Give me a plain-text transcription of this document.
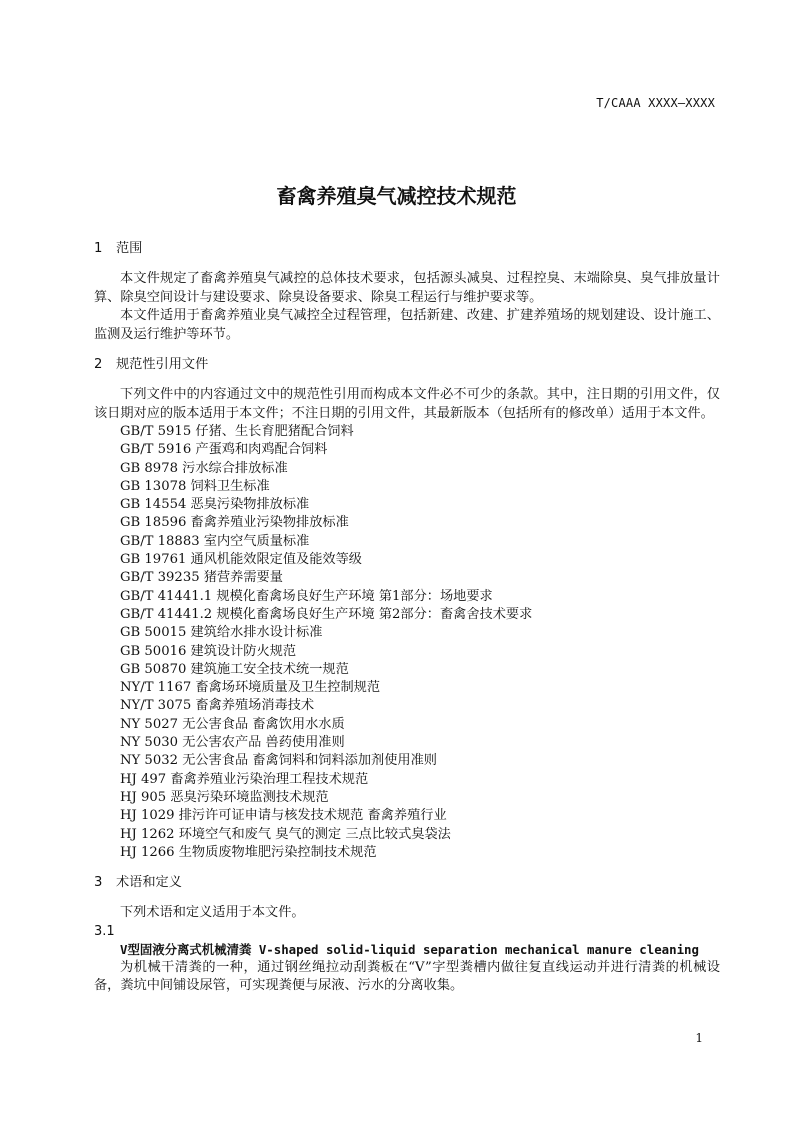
T/CAAA XXXX—XXXX
畜禽养殖臭气减控技术规范
1 范围

本文件规定了畜禽养殖臭气减控的总体技术要求，包括源头减臭、过程控臭、末端除臭、臭气排放量计算、除臭空间设计与建设要求、除臭设备要求、除臭工程运行与维护要求等。

本文件适用于畜禽养殖业臭气减控全过程管理，包括新建、改建、扩建养殖场的规划建设、设计施工、监测及运行维护等环节。

2 规范性引用文件

下列文件中的内容通过文中的规范性引用而构成本文件必不可少的条款。其中，注日期的引用文件，仅该日期对应的版本适用于本文件；不注日期的引用文件，其最新版本（包括所有的修改单）适用于本文件。

GB/T 5915 仔猪、生长育肥猪配合饲料
GB/T 5916 产蛋鸡和肉鸡配合饲料
GB 8978 污水综合排放标准
GB 13078 饲料卫生标准
GB 14554 恶臭污染物排放标准
GB 18596 畜禽养殖业污染物排放标准
GB/T 18883 室内空气质量标准
GB 19761 通风机能效限定值及能效等级
GB/T 39235 猪营养需要量
GB/T 41441.1 规模化畜禽场良好生产环境 第1部分：场地要求
GB/T 41441.2 规模化畜禽场良好生产环境 第2部分：畜禽舍技术要求
GB 50015 建筑给水排水设计标准
GB 50016 建筑设计防火规范
GB 50870 建筑施工安全技术统一规范
NY/T 1167 畜禽场环境质量及卫生控制规范
NY/T 3075 畜禽养殖场消毒技术
NY 5027 无公害食品 畜禽饮用水水质
NY 5030 无公害农产品 兽药使用准则
NY 5032 无公害食品 畜禽饲料和饲料添加剂使用准则
HJ 497 畜禽养殖业污染治理工程技术规范
HJ 905 恶臭污染环境监测技术规范
HJ 1029 排污许可证申请与核发技术规范 畜禽养殖行业
HJ 1262 环境空气和废气 臭气的测定 三点比较式臭袋法
HJ 1266 生物质废物堆肥污染控制技术规范
3 术语和定义

下列术语和定义适用于本文件。

3.1
V型固液分离式机械清粪 V-shaped solid-liquid separation mechanical manure cleaning

为机械干清粪的一种，通过钢丝绳拉动刮粪板在“V”字型粪槽内做往复直线运动并进行清粪的机械设备，粪坑中间铺设尿管，可实现粪便与尿液、污水的分离收集。

1
